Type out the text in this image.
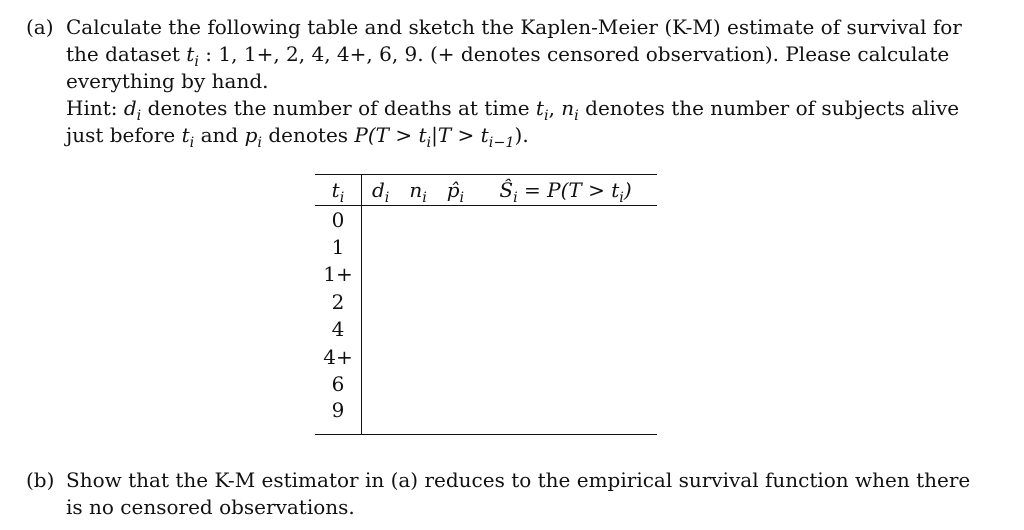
(a) Calculate the following table and sketch the Kaplen-Meier (K-M) estimate of survival for the dataset $t_i$ : 1, 1+, 2, 4, 4+, 6, 9. (+ denotes censored observation). Please calculate everything by hand.

Hint: $d_i$ denotes the number of deaths at time $t_i$, $n_i$ denotes the number of subjects alive just before $t_i$ and $p_i$ denotes $P(T > t_i|T > t_{i-1})$.

$t_i$	$d_i$	$n_i$	$p̂_i$	$Ŝ_i = P(T > t_i)$
0				
1				
1+				
2				
4				
4+				
6				
9				
(b) Show that the K-M estimator in (a) reduces to the empirical survival function when there is no censored observations.
